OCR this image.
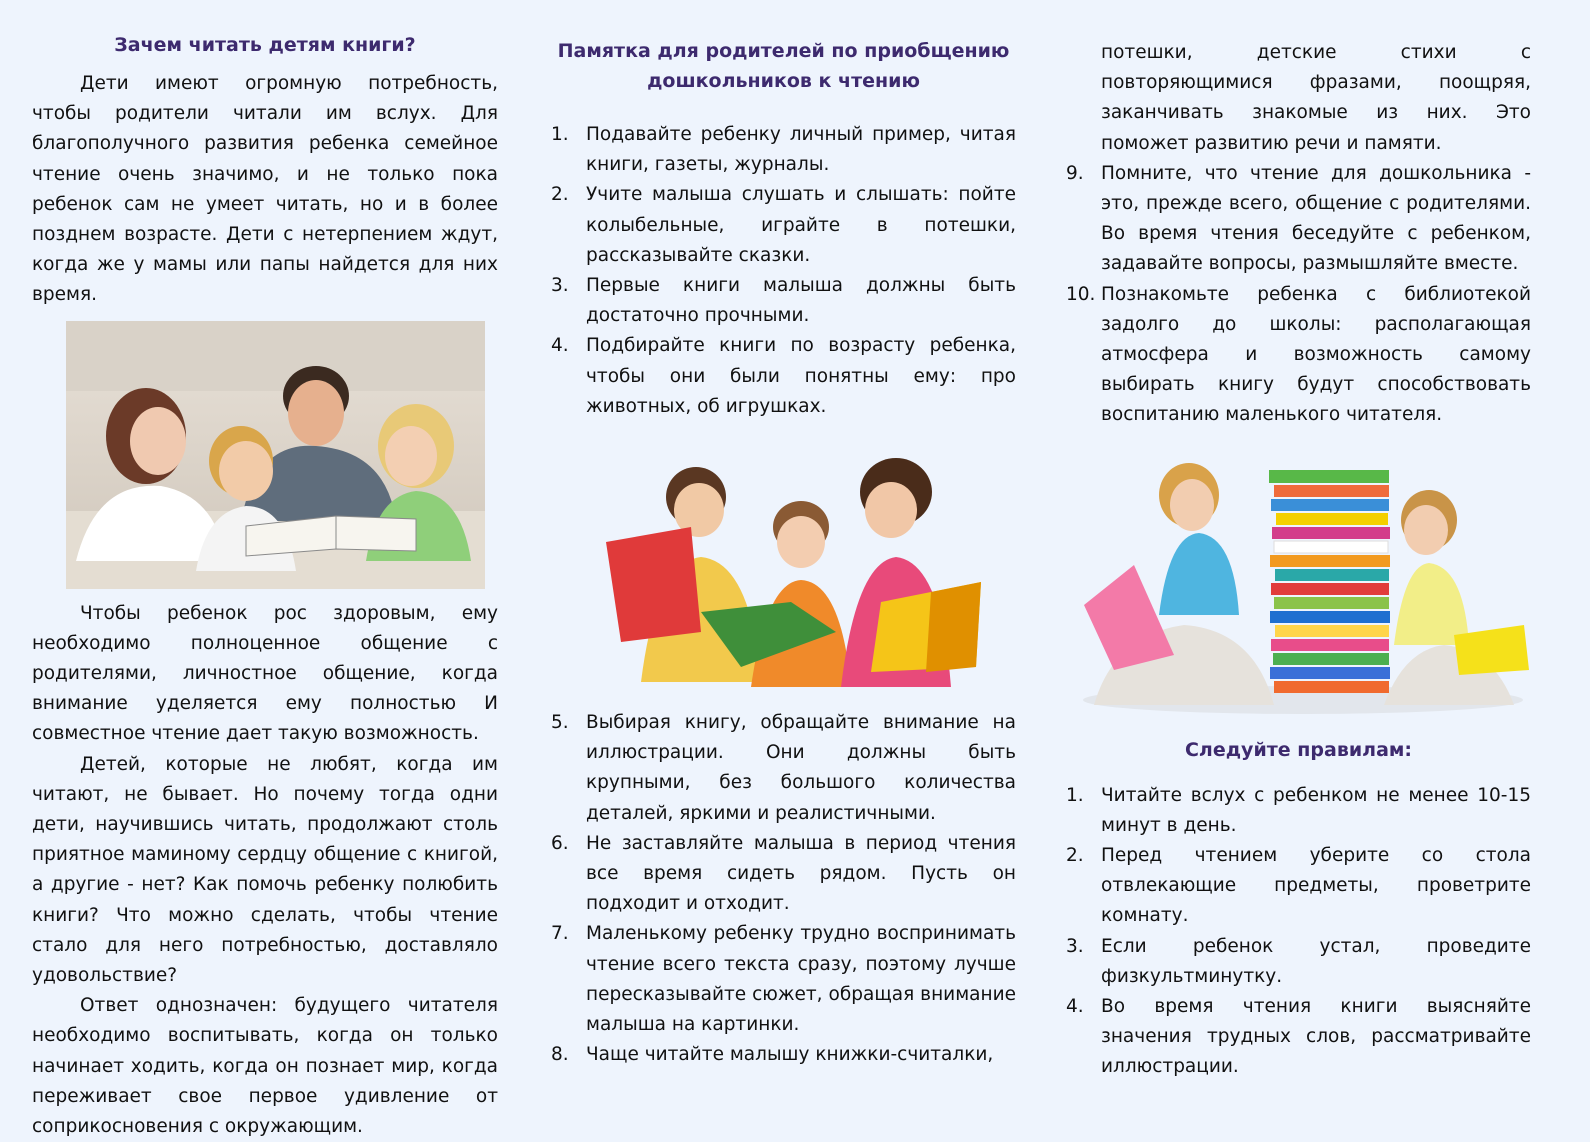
Зачем читать детям книги?

Дети имеют огромную потребность, чтобы родители читали им вслух. Для благополучного развития ребенка семейное чтение очень значимо, и не только пока ребенок сам не умеет читать, но и в более позднем возрасте. Дети с нетерпением ждут, когда же у мамы или папы найдется для них время.

Чтобы ребенок рос здоровым, ему необходимо полноценное общение с родителями, личностное общение, когда внимание уделяется ему полностью И совместное чтение дает такую возможность.

Детей, которые не любят, когда им читают, не бывает. Но почему тогда одни дети, научившись читать, продолжают столь приятное маминому сердцу общение с книгой, а другие - нет? Как помочь ребенку полюбить книги? Что можно сделать, чтобы чтение стало для него потребностью, доставляло удовольствие?

Ответ однозначен: будущего читателя необходимо воспитывать, когда он только начинает ходить, когда он познает мир, когда переживает свое первое удивление от соприкосновения с окружающим.

Памятка для родителей по приобщению
дошкольников к чтению
1. Подавайте ребенку личный пример, читая книги, газеты, журналы.
2. Учите малыша слушать и слышать: пойте колыбельные, играйте в потешки, рассказывайте сказки.
3. Первые книги малыша должны быть достаточно прочными.
4. Подбирайте книги по возрасту ребенка, чтобы они были понятны ему: про животных, об игрушках.
5. Выбирая книгу, обращайте внимание на иллюстрации. Они должны быть крупными, без большого количества деталей, яркими и реалистичными.
6. Не заставляйте малыша в период чтения все время сидеть рядом. Пусть он подходит и отходит.
7. Маленькому ребенку трудно воспринимать чтение всего текста сразу, поэтому лучше пересказывайте сюжет, обращая внимание малыша на картинки.
8. Чаще читайте малышу книжки-считалки,
потешки, детские стихи с повторяющимися фразами, поощряя, заканчивать знакомые из них. Это поможет развитию речи и памяти.
9. Помните, что чтение для дошкольника - это, прежде всего, общение с родителями. Во время чтения беседуйте с ребенком, задавайте вопросы, размышляйте вместе.
10. Познакомьте ребенка с библиотекой задолго до школы: располагающая атмосфера и возможность самому выбирать книгу будут способствовать воспитанию маленького читателя.
Следуйте правилам:
1. Читайте вслух с ребенком не менее 10-15 минут в день.
2. Перед чтением уберите со стола отвлекающие предметы, проветрите комнату.
3. Если ребенок устал, проведите физкультминутку.
4. Во время чтения книги выясняйте значения трудных слов, рассматривайте иллюстрации.
